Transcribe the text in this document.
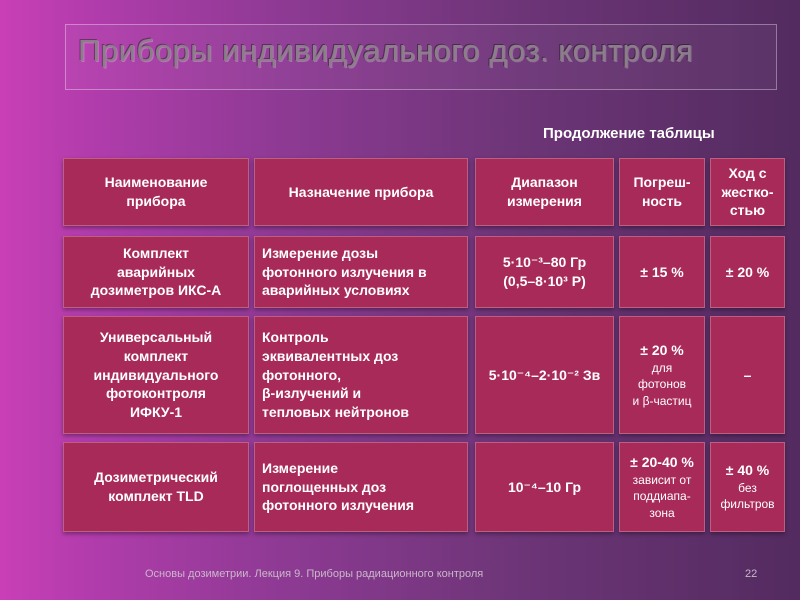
Приборы индивидуального доз. контроля
Продолжение таблицы
Наименование
прибора
Назначение прибора
Диапазон
измерения
Погреш-
ность
Ход с
жестко-
стью
Комплект
аварийных
дозиметров ИКС-А
Измерение дозы
фотонного излучения в
аварийных условиях
5·10⁻³–80 Гр
(0,5–8·10³ Р)
± 15 %	± 20 %
Универсальный
комплект
индивидуального
фотоконтроля
ИФКУ-1
Контроль
эквивалентных доз
фотонного,
β-излучений и
тепловых нейтронов
5·10⁻⁴–2·10⁻² Зв
± 20 %
для
фотонов
и β-частиц
–
Дозиметрический
комплект TLD
Измерение
поглощенных доз
фотонного излучения
10⁻⁴–10 Гр
± 20-40 %
зависит от
поддиапа-
зона
± 40 %
без
фильтров
Основы дозиметрии. Лекция 9. Приборы радиационного контроля	22
